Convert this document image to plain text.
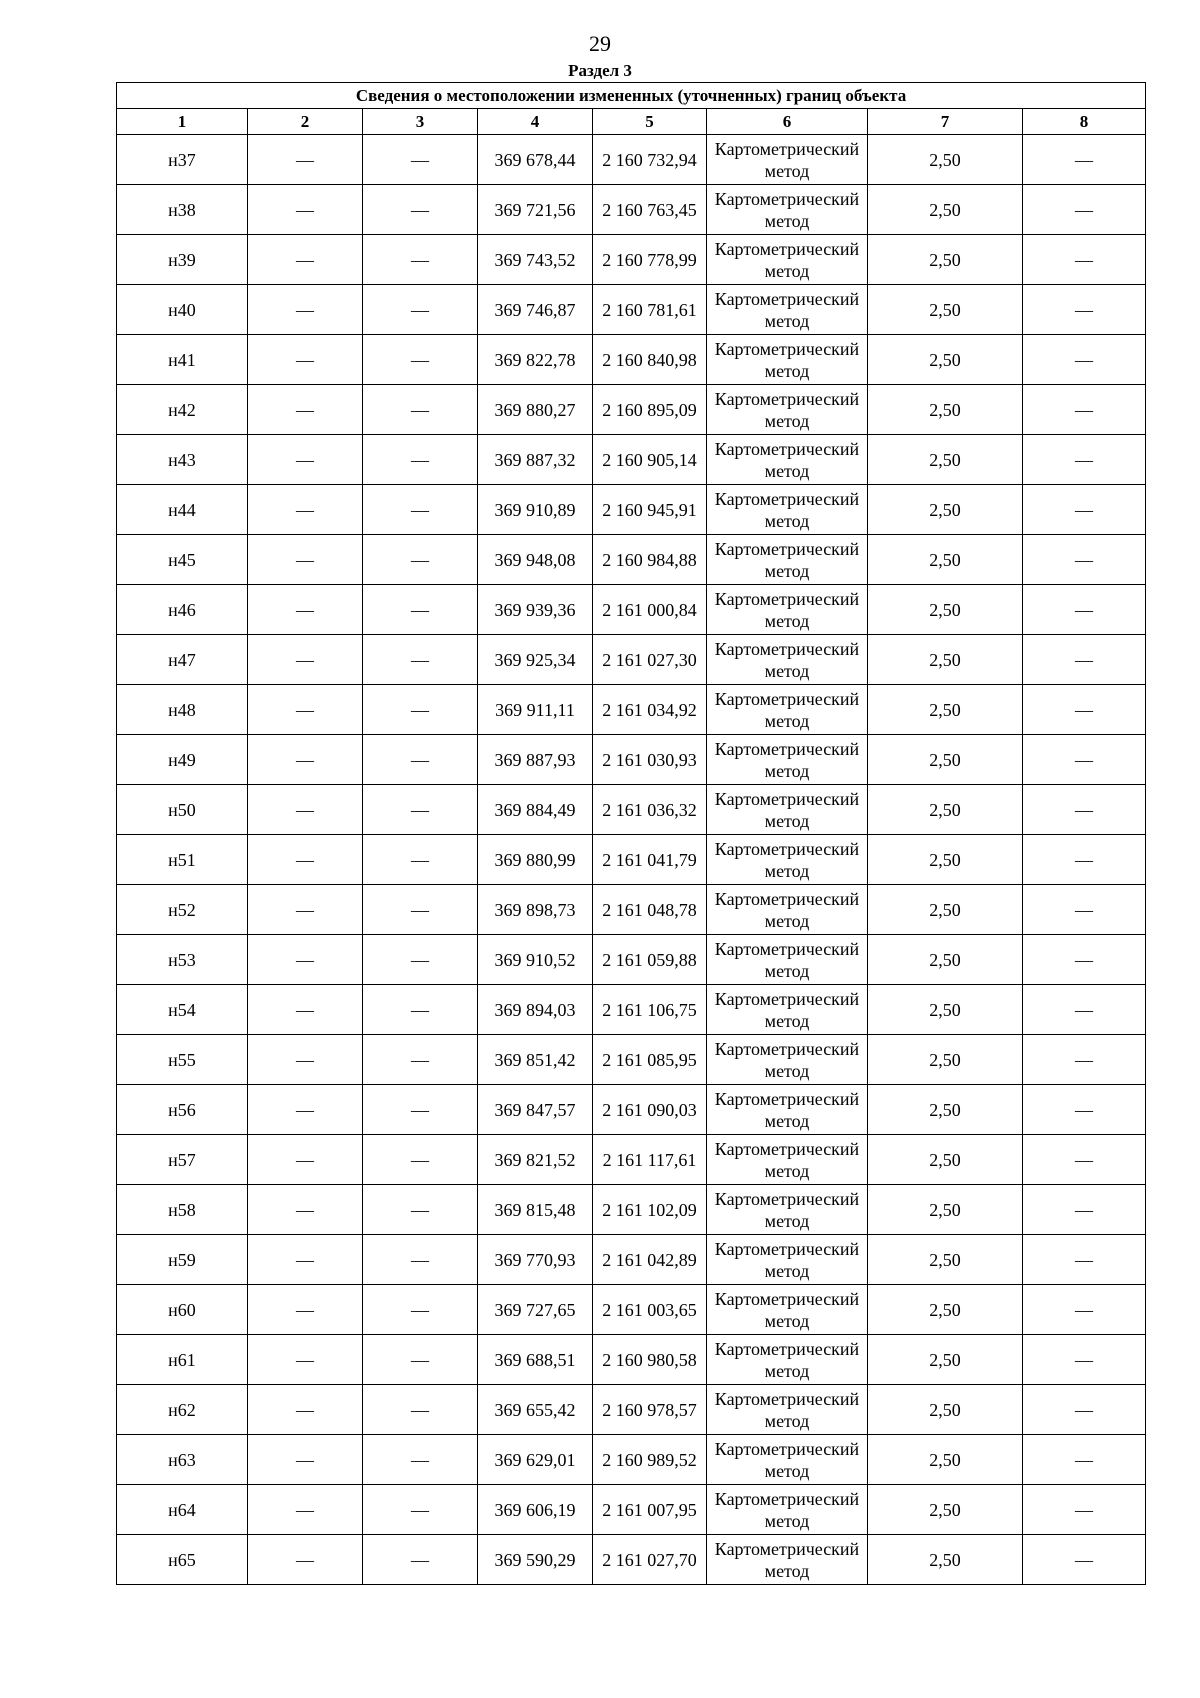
29
Раздел 3
Сведения о местоположении измененных (уточненных) границ объекта							
1	2	3	4	5	6	7	8
н37	—	—	369 678,44	2 160 732,94	Картометрический метод	2,50	—
н38	—	—	369 721,56	2 160 763,45	Картометрический метод	2,50	—
н39	—	—	369 743,52	2 160 778,99	Картометрический метод	2,50	—
н40	—	—	369 746,87	2 160 781,61	Картометрический метод	2,50	—
н41	—	—	369 822,78	2 160 840,98	Картометрический метод	2,50	—
н42	—	—	369 880,27	2 160 895,09	Картометрический метод	2,50	—
н43	—	—	369 887,32	2 160 905,14	Картометрический метод	2,50	—
н44	—	—	369 910,89	2 160 945,91	Картометрический метод	2,50	—
н45	—	—	369 948,08	2 160 984,88	Картометрический метод	2,50	—
н46	—	—	369 939,36	2 161 000,84	Картометрический метод	2,50	—
н47	—	—	369 925,34	2 161 027,30	Картометрический метод	2,50	—
н48	—	—	369 911,11	2 161 034,92	Картометрический метод	2,50	—
н49	—	—	369 887,93	2 161 030,93	Картометрический метод	2,50	—
н50	—	—	369 884,49	2 161 036,32	Картометрический метод	2,50	—
н51	—	—	369 880,99	2 161 041,79	Картометрический метод	2,50	—
н52	—	—	369 898,73	2 161 048,78	Картометрический метод	2,50	—
н53	—	—	369 910,52	2 161 059,88	Картометрический метод	2,50	—
н54	—	—	369 894,03	2 161 106,75	Картометрический метод	2,50	—
н55	—	—	369 851,42	2 161 085,95	Картометрический метод	2,50	—
н56	—	—	369 847,57	2 161 090,03	Картометрический метод	2,50	—
н57	—	—	369 821,52	2 161 117,61	Картометрический метод	2,50	—
н58	—	—	369 815,48	2 161 102,09	Картометрический метод	2,50	—
н59	—	—	369 770,93	2 161 042,89	Картометрический метод	2,50	—
н60	—	—	369 727,65	2 161 003,65	Картометрический метод	2,50	—
н61	—	—	369 688,51	2 160 980,58	Картометрический метод	2,50	—
н62	—	—	369 655,42	2 160 978,57	Картометрический метод	2,50	—
н63	—	—	369 629,01	2 160 989,52	Картометрический метод	2,50	—
н64	—	—	369 606,19	2 161 007,95	Картометрический метод	2,50	—
н65	—	—	369 590,29	2 161 027,70	Картометрический метод	2,50	—
